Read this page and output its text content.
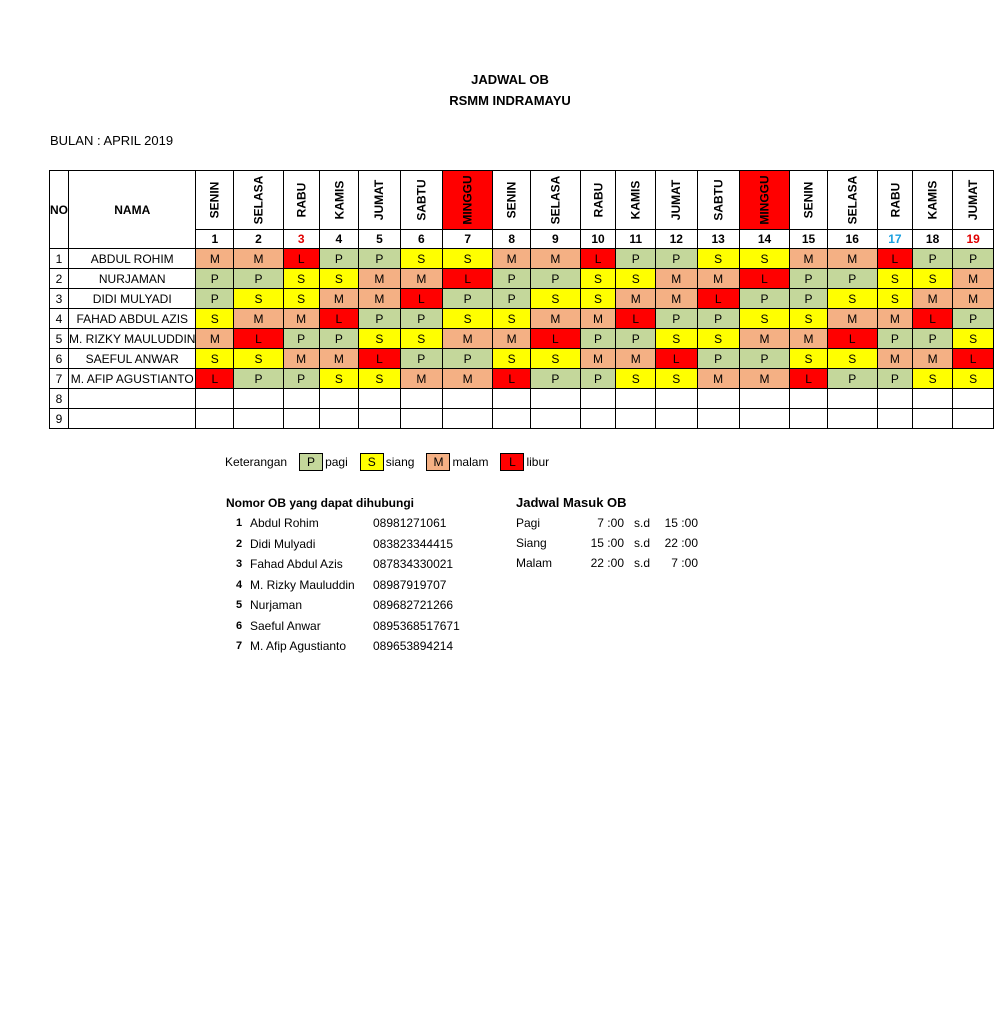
JADWAL OB
RSMM INDRAMAYU
BULAN : APRIL 2019
NO	NAMA	SENIN	SELASA	RABU	KAMIS	JUMAT	SABTU	MINGGU	SENIN	SELASA	RABU	KAMIS	JUMAT	SABTU	MINGGU	SENIN	SELASA	RABU	KAMIS	JUMAT
		1	2	3	4	5	6	7	8	9	10	11	12	13	14	15	16	17	18	19
1	ABDUL ROHIM	M	M	L	P	P	S	S	M	M	L	P	P	S	S	M	M	L	P	P
2	NURJAMAN	P	P	S	S	M	M	L	P	P	S	S	M	M	L	P	P	S	S	M
3	DIDI MULYADI	P	S	S	M	M	L	P	P	S	S	M	M	L	P	P	S	S	M	M
4	FAHAD ABDUL AZIS	S	M	M	L	P	P	S	S	M	M	L	P	P	S	S	M	M	L	P
5	M. RIZKY MAULUDDIN	M	L	P	P	S	S	M	M	L	P	P	S	S	M	M	L	P	P	S
6	SAEFUL ANWAR	S	S	M	M	L	P	P	S	S	M	M	L	P	P	S	S	M	M	L
7	M. AFIP AGUSTIANTO	L	P	P	S	S	M	M	L	P	P	S	S	M	M	L	P	P	S	S
8																				
9																				
Keterangan	P pagi	S siang	M malam	L libur
Nomor OB yang dapat dihubungi
1 Abdul Rohim	08981271061
2 Didi Mulyadi	083823344415
3 Fahad Abdul Azis	087834330021
4 M. Rizky Mauluddin	08987919707
5 Nurjaman	089682721266
6 Saeful Anwar	0895368517671
7 M. Afip Agustianto	089653894214
Jadwal Masuk OB
Pagi	7 :00 s.d	15 :00
Siang	15 :00 s.d	22 :00
Malam	22 :00 s.d	7 :00
